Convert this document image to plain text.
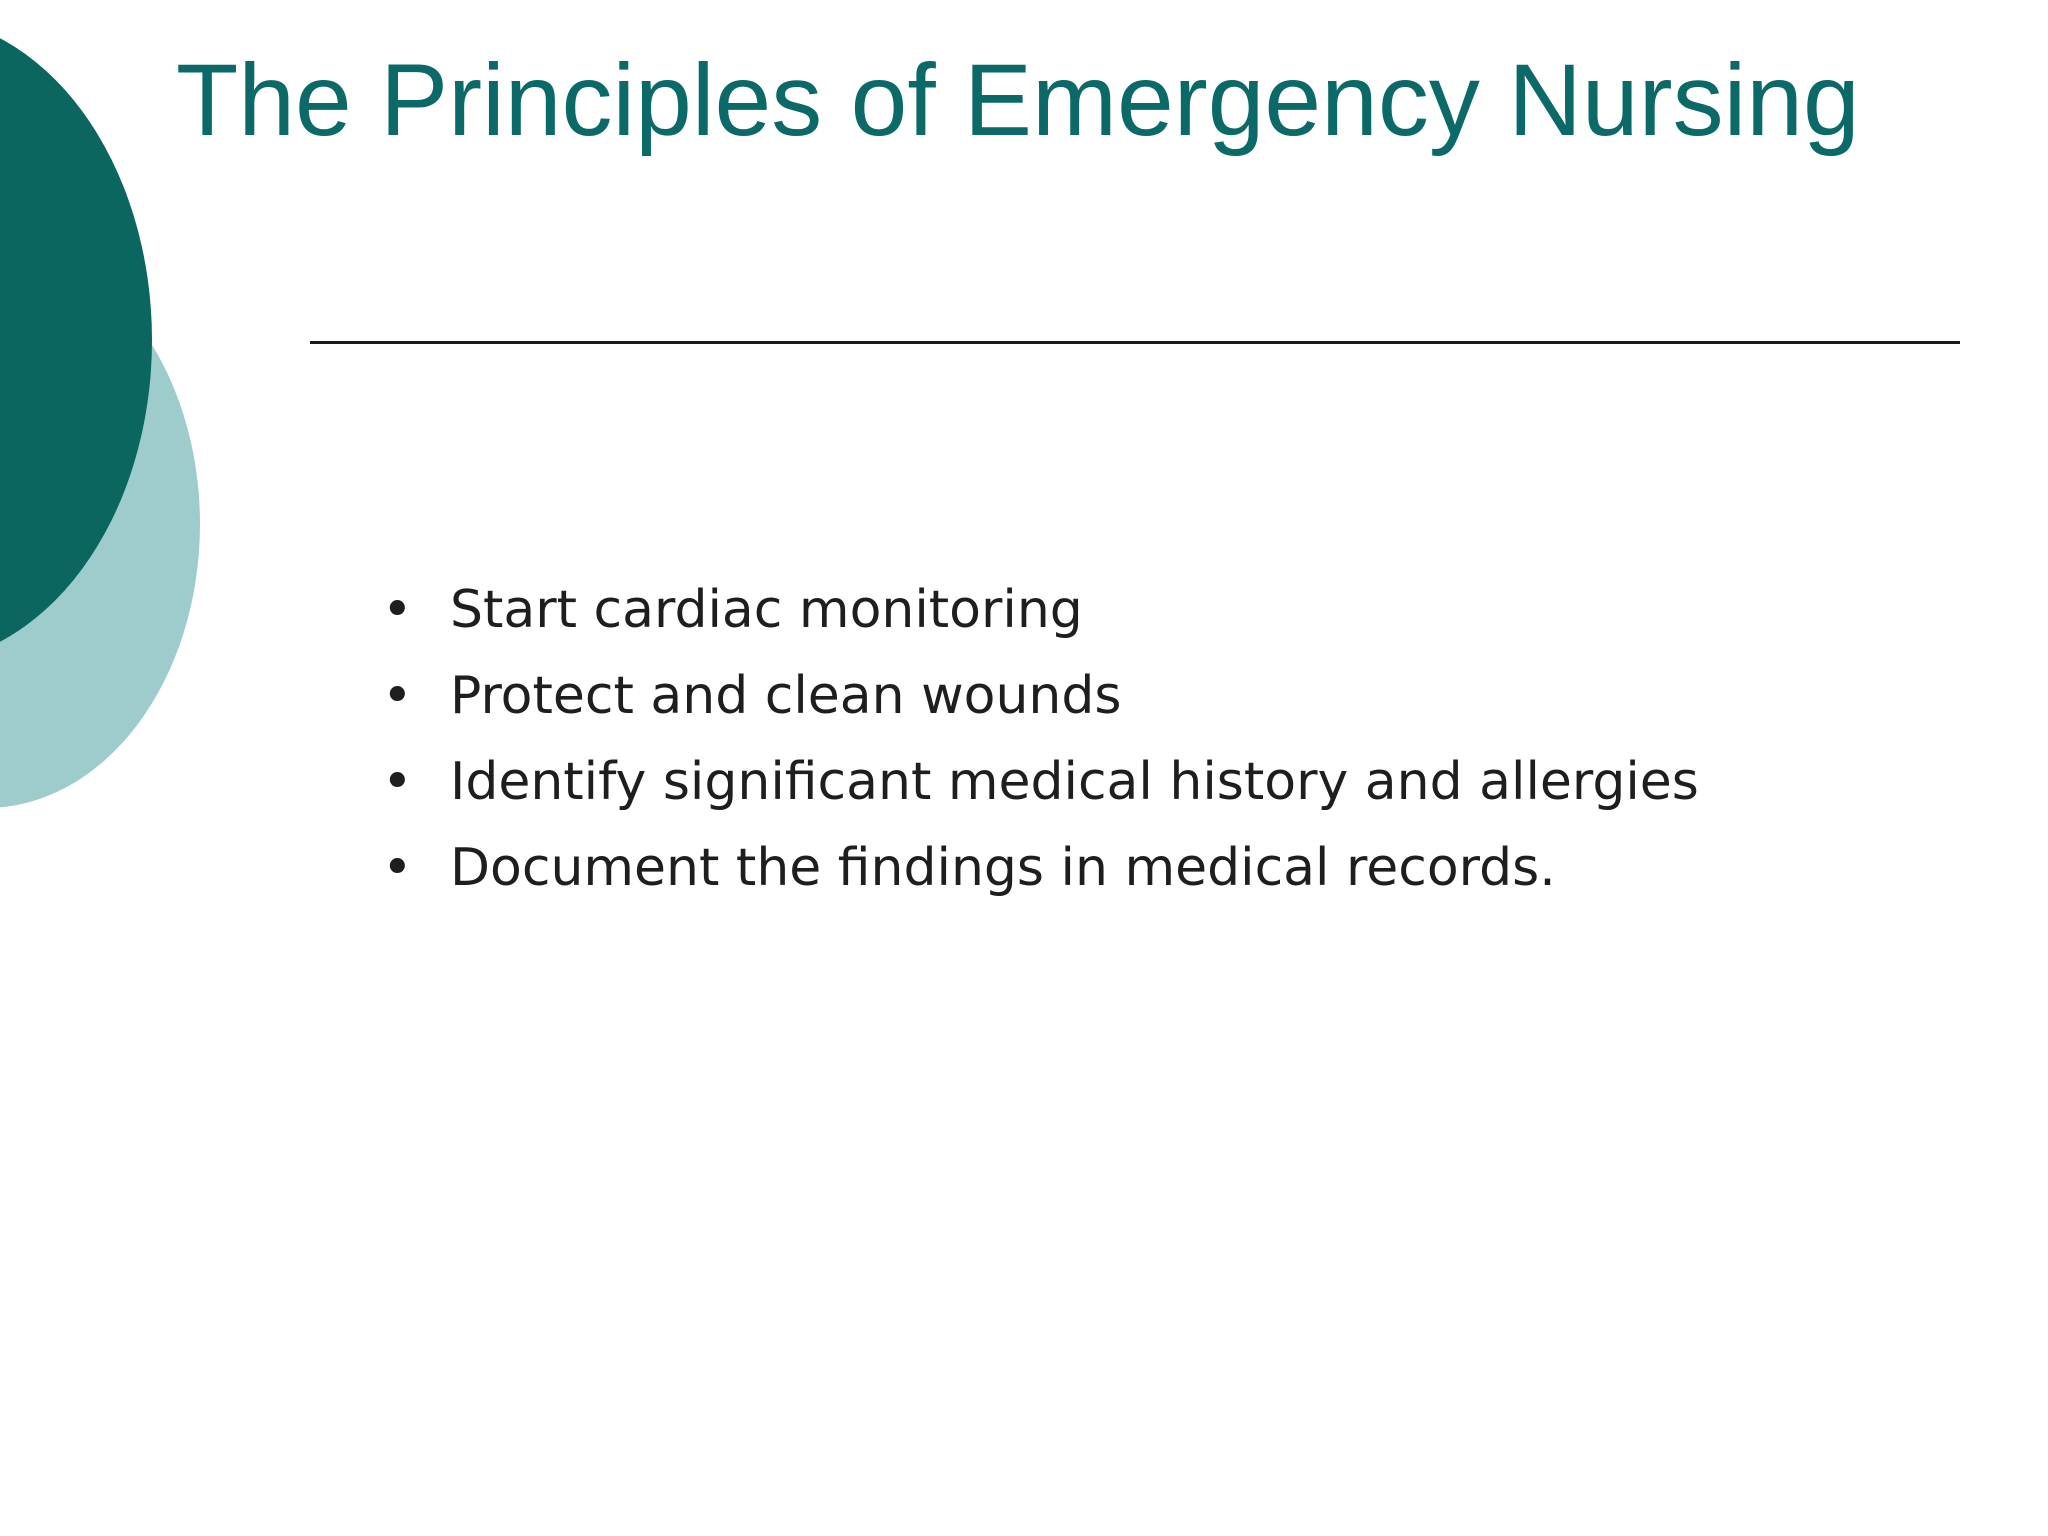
The Principles of Emergency Nursing
• Start cardiac monitoring
• Protect and clean wounds
• Identify significant medical history and allergies
• Document the findings in medical records.
